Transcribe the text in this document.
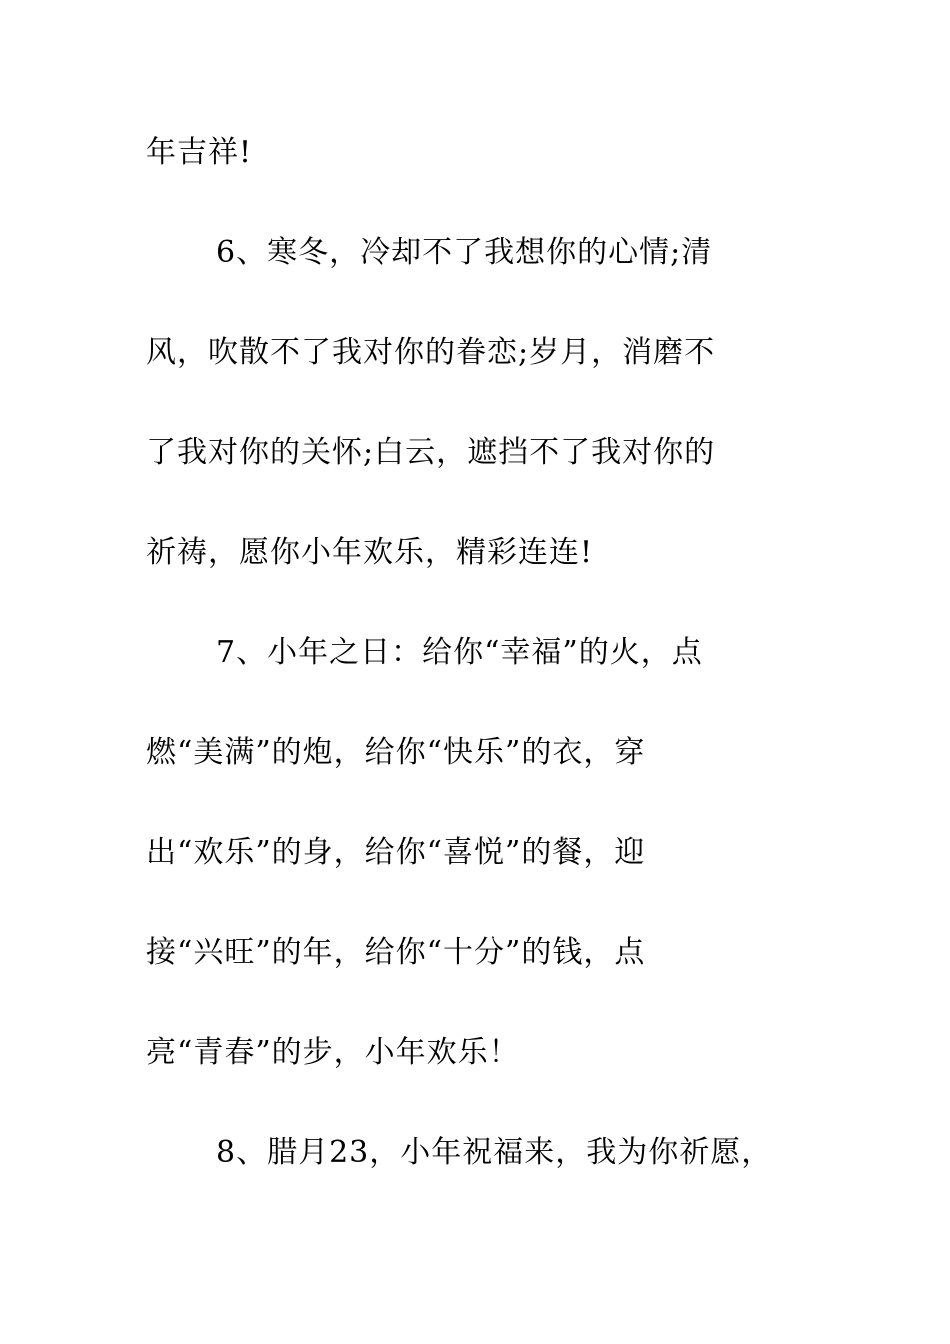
年吉祥!
6、寒冬，冷却不了我想你的心情;清
风，吹散不了我对你的眷恋;岁月，消磨不
了我对你的关怀;白云，遮挡不了我对你的
祈祷，愿你小年欢乐，精彩连连!
7、小年之日：给你“幸福”的火，点
燃“美满”的炮，给你“快乐”的衣，穿
出“欢乐”的身，给你“喜悦”的餐，迎
接“兴旺”的年，给你“十分”的钱，点
亮“青春”的步，小年欢乐！
8、腊月23，小年祝福来，我为你祈愿，
